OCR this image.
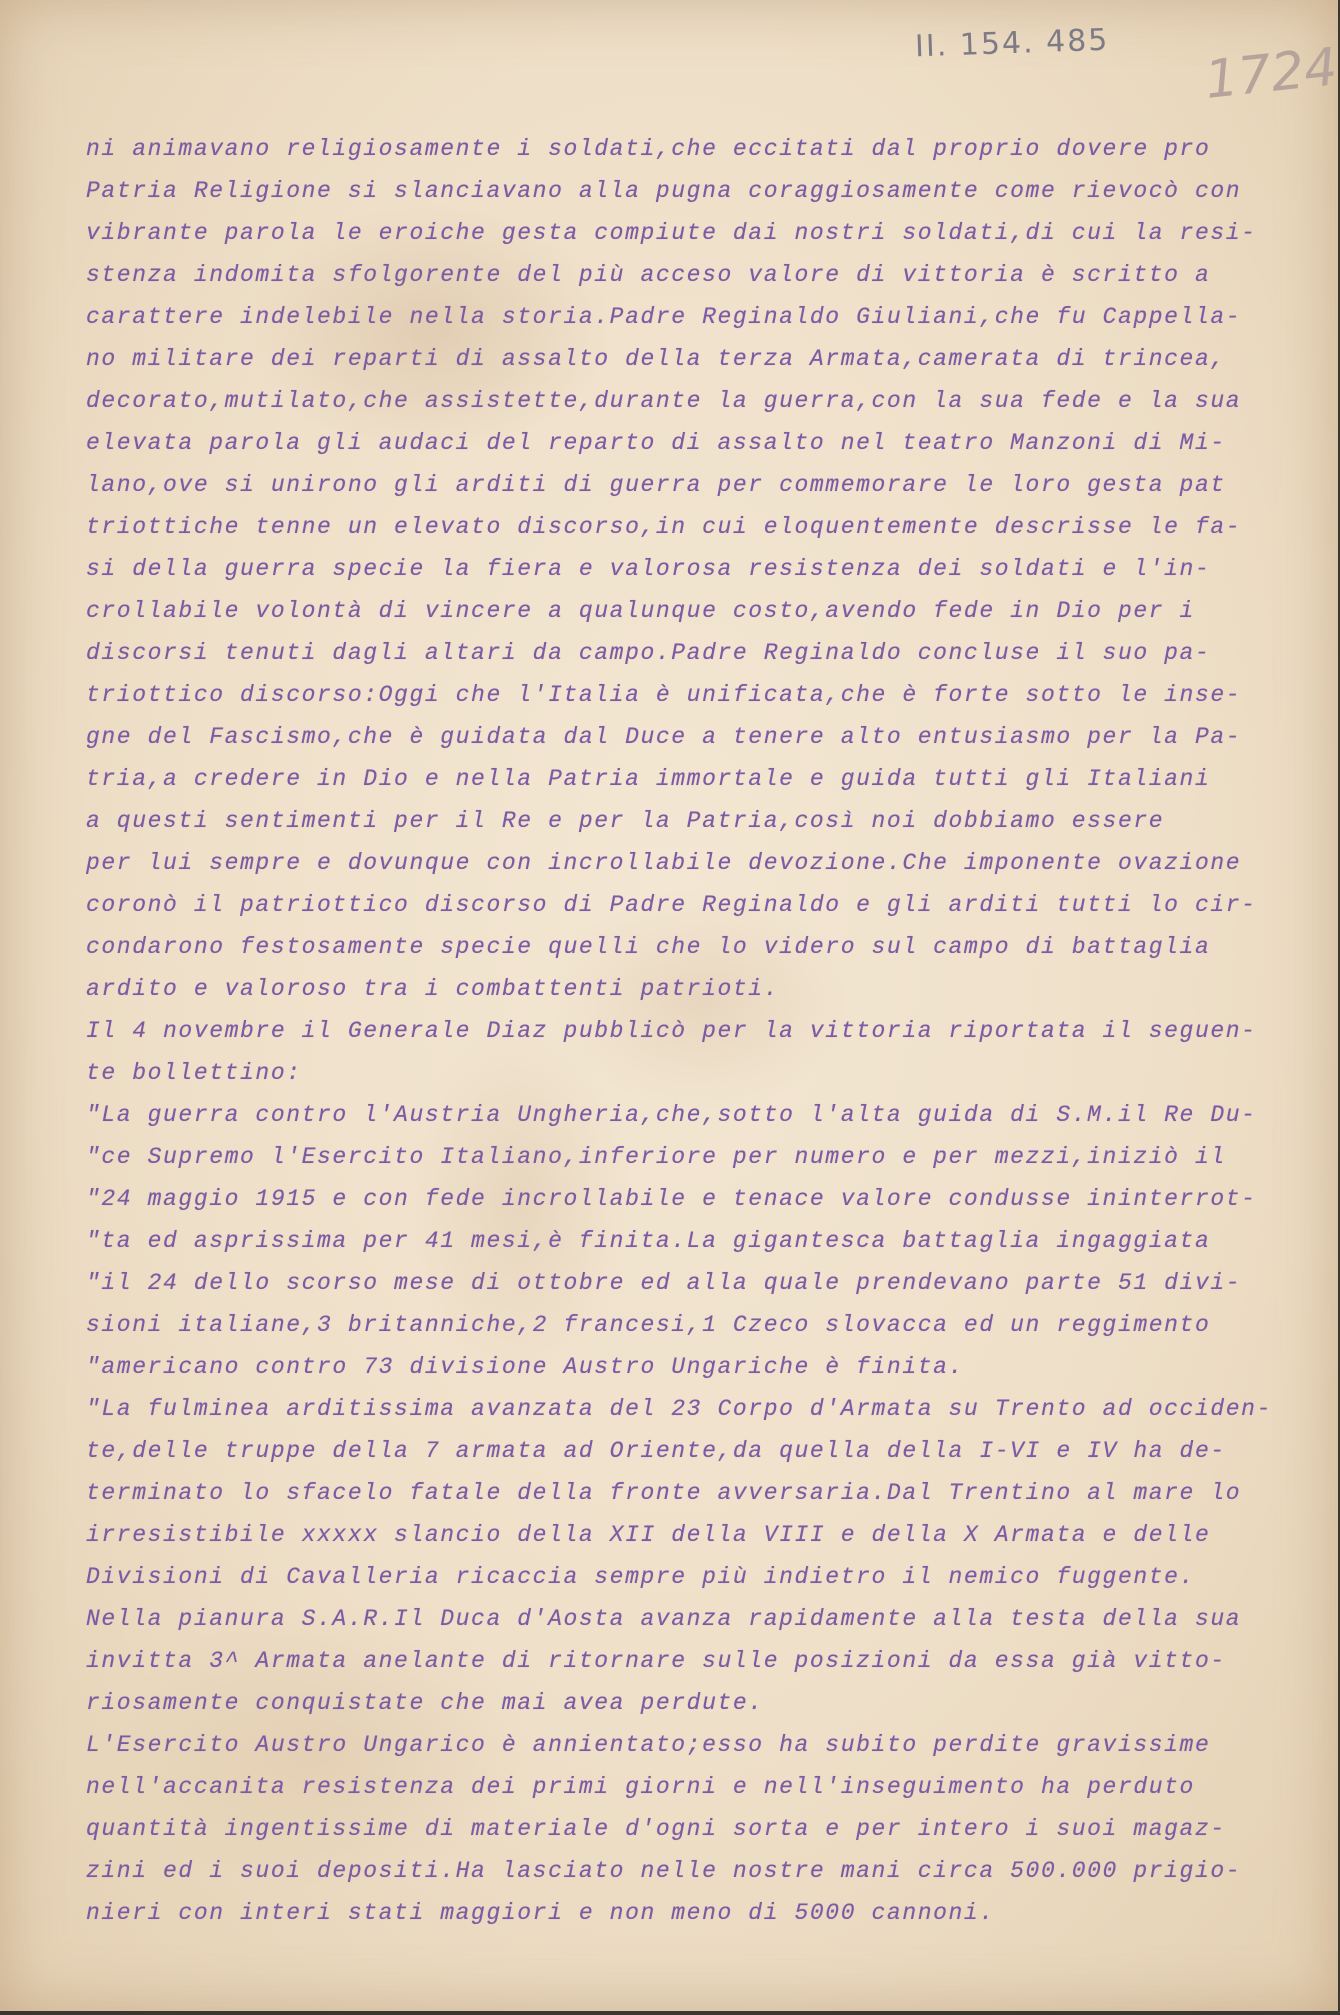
II. 154. 485 1724
ni animavano religiosamente i soldati,che eccitati dal proprio dovere pro
Patria Religione si slanciavano alla pugna coraggiosamente come rievocò con
vibrante parola le eroiche gesta compiute dai nostri soldati,di cui la resi-
stenza indomita sfolgorente del più acceso valore di vittoria è scritto a
carattere indelebile nella storia.Padre Reginaldo Giuliani,che fu Cappella-
no militare dei reparti di assalto della terza Armata,camerata di trincea,
decorato,mutilato,che assistette,durante la guerra,con la sua fede e la sua
elevata parola gli audaci del reparto di assalto nel teatro Manzoni di Mi-
lano,ove si unirono gli arditi di guerra per commemorare le loro gesta pat
triottiche tenne un elevato discorso,in cui eloquentemente descrisse le fa-
si della guerra specie la fiera e valorosa resistenza dei soldati e l'in-
crollabile volontà di vincere a qualunque costo,avendo fede in Dio per i
discorsi tenuti dagli altari da campo.Padre Reginaldo concluse il suo pa-
triottico discorso:Oggi che l'Italia è unificata,che è forte sotto le inse-
gne del Fascismo,che è guidata dal Duce a tenere alto entusiasmo per la Pa-
tria,a credere in Dio e nella Patria immortale e guida tutti gli Italiani
a questi sentimenti per il Re e per la Patria,così noi dobbiamo essere
per lui sempre e dovunque con incrollabile devozione.Che imponente ovazione
coronò il patriottico discorso di Padre Reginaldo e gli arditi tutti lo cir-
condarono festosamente specie quelli che lo videro sul campo di battaglia
ardito e valoroso tra i combattenti patrioti.
Il 4 novembre il Generale Diaz pubblicò per la vittoria riportata il seguen-
te bollettino:
"La guerra contro l'Austria Ungheria,che,sotto l'alta guida di S.M.il Re Du-
"ce Supremo l'Esercito Italiano,inferiore per numero e per mezzi,iniziò il
"24 maggio 1915 e con fede incrollabile e tenace valore condusse ininterrot-
"ta ed asprissima per 41 mesi,è finita.La gigantesca battaglia ingaggiata
"il 24 dello scorso mese di ottobre ed alla quale prendevano parte 51 divi-
sioni italiane,3 britanniche,2 francesi,1 Czeco slovacca ed un reggimento
"americano contro 73 divisione Austro Ungariche è finita.
"La fulminea arditissima avanzata del 23 Corpo d'Armata su Trento ad occiden-
te,delle truppe della 7 armata ad Oriente,da quella della I-VI e IV ha de-
terminato lo sfacelo fatale della fronte avversaria.Dal Trentino al mare lo
irresistibile xxxxx slancio della XII della VIII e della X Armata e delle
Divisioni di Cavalleria ricaccia sempre più indietro il nemico fuggente.
Nella pianura S.A.R.Il Duca d'Aosta avanza rapidamente alla testa della sua
invitta 3^ Armata anelante di ritornare sulle posizioni da essa già vitto-
riosamente conquistate che mai avea perdute.
L'Esercito Austro Ungarico è annientato;esso ha subito perdite gravissime
nell'accanita resistenza dei primi giorni e nell'inseguimento ha perduto
quantità ingentissime di materiale d'ogni sorta e per intero i suoi magaz-
zini ed i suoi depositi.Ha lasciato nelle nostre mani circa 500.000 prigio-
nieri con interi stati maggiori e non meno di 5000 cannoni.
